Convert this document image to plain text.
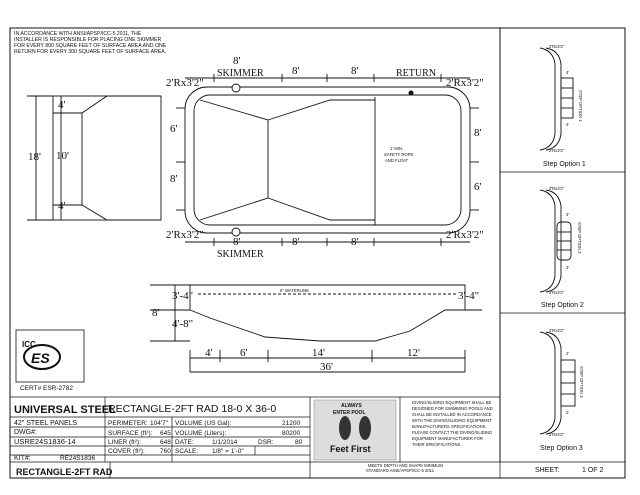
IN ACCORDANCE WITH ANSI/APSP/ICC-5 2011, THE
INSTALLER IS RESPONSIBLE FOR PLACING ONE SKIMMER
FOR EVERY 800 SQUARE FEET OF SURFACE AREA AND ONE
RETURN FOR EVERY 300 SQUARE FEET OF SURFACE AREA.
4'
10'
4'
18'
8'
8'	8'
SKIMMER	RETURN
2'Rx3'2"	2'Rx3'2"
2'Rx3'2"	2'Rx3'2"
8'	8'	8'
SKIMMER
6'
8'
8'
6'
1' MIN.
SAFETY ROPE
AND FLOAT
6" WATERLINE
3'-4"	3'-4"
8'
4'-8"
4'	6'	14'	12'
36'
2'Rx3'2"
4'
4'
2'Rx3'2"
STEP OPTION 1
Step Option 1
2'Rx3'2"
3'
3'
2'Rx3'2"
STEP OPTION 2
Step Option 2
2'Rx3'2"
2'
2'
2'Rx3'2"
STEP OPTION 3
Step Option 3
ICC
ES
CERT# ESR-2782
UNIVERSAL STEEL
RECTANGLE-2FT RAD 18-0 X 36-0
42" STEEL PANELS
DWG#:
USRE24S1836-14
KIT#:	RE24S1836
RECTANGLE-2FT RAD
PERIMETER: 104'7" VOLUME (US Gal):	21200
SURFACE (ft²): 645 VOLUME (Liters):	80200
LINER (ft²):	648 DATE:	1/1/2014	DSR:	80
COVER (ft²): 760 SCALE: 1/8" = 1'-0"
ALWAYS
ENTER POOL
Feet First
DIVING/SLIDING EQUIPMENT SHALL BE
DESIGNED FOR SWIMMING POOLS AND
SHALL BE INSTALLED IN ACCORDANCE
WITH THE DIVING/SLIDING EQUIPMENT
MANUFACTURERS SPECIFICATIONS.
PLEASE CONTACT THE DIVING/SLIDING
EQUIPMENT MANUFACTURER FOR
THEIR SPECIFICATIONS.
MEETS DEPTH AND SHAPE MINIMUM
STANDARD ANSI/APSP/ICC-5 2011	SHEET:	1 OF 2
